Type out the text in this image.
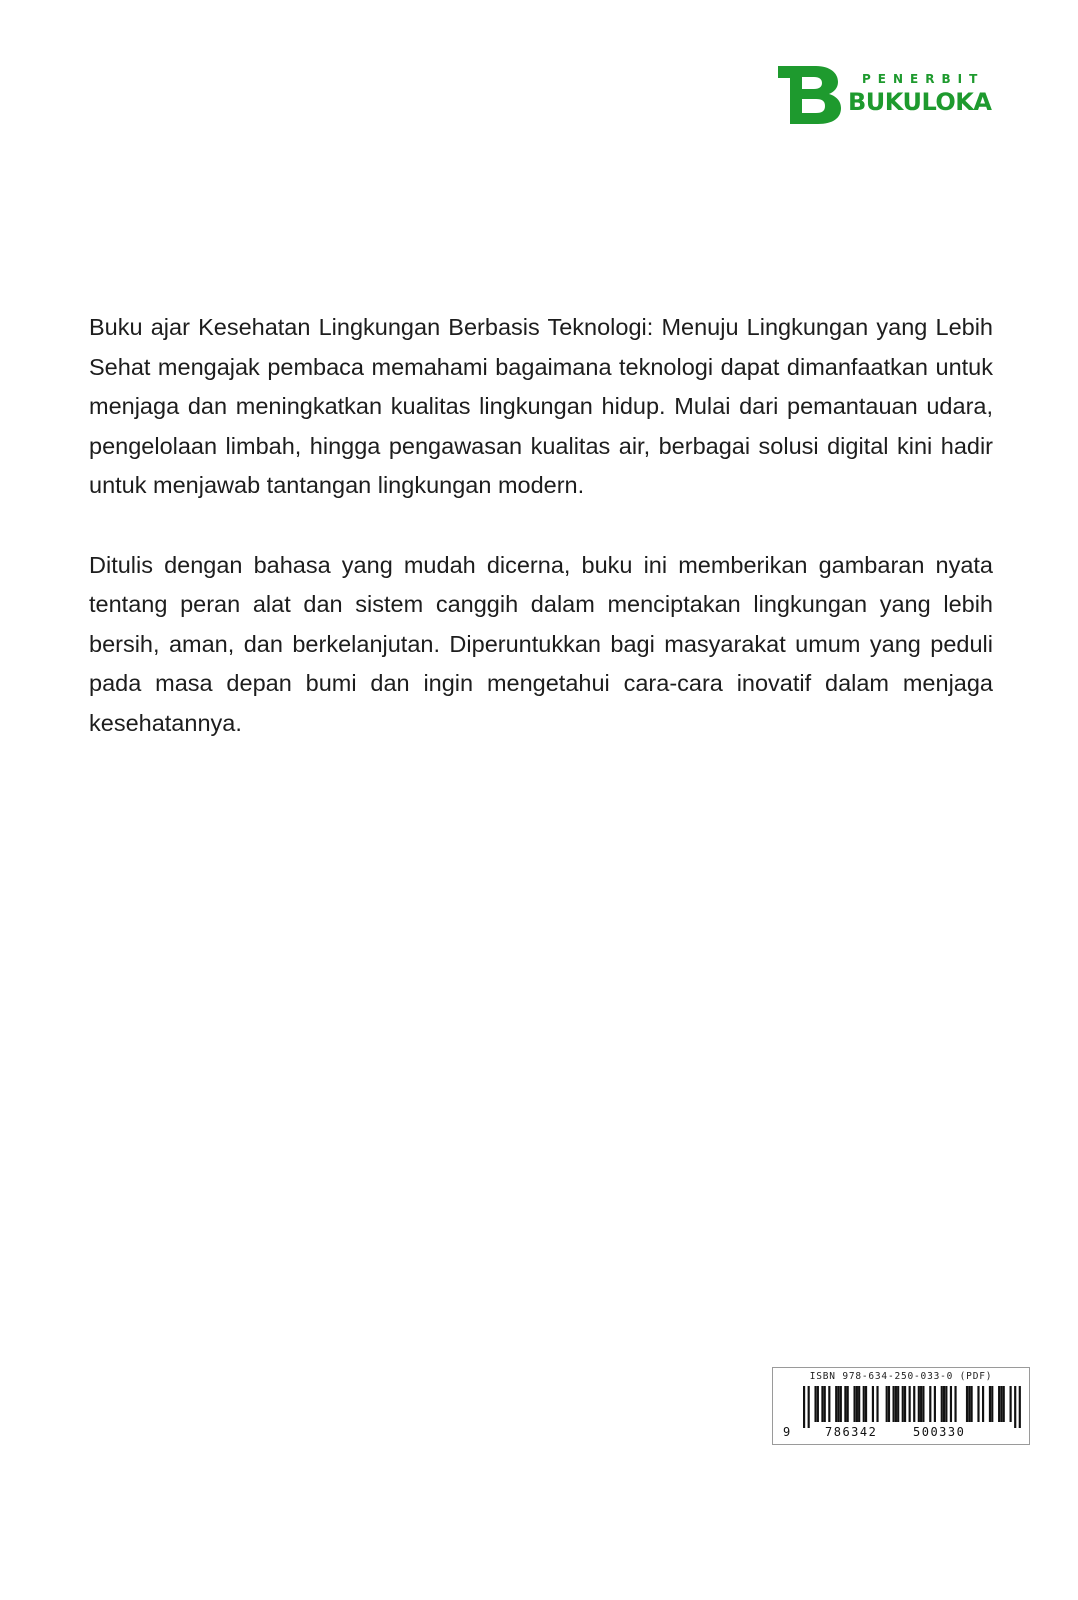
PENERBIT
BUKULOKA

Buku ajar Kesehatan Lingkungan Berbasis Teknologi: Menuju Lingkungan yang Lebih Sehat mengajak pembaca memahami bagaimana teknologi dapat dimanfaatkan untuk menjaga dan meningkatkan kualitas lingkungan hidup. Mulai dari pemantauan udara, pengelolaan limbah, hingga pengawasan kualitas air, berbagai solusi digital kini hadir untuk menjawab tantangan lingkungan modern.

Ditulis dengan bahasa yang mudah dicerna, buku ini memberikan gambaran nyata tentang peran alat dan sistem canggih dalam menciptakan lingkungan yang lebih bersih, aman, dan berkelanjutan. Diperuntukkan bagi masyarakat umum yang peduli pada masa depan bumi dan ingin mengetahui cara-cara inovatif dalam menjaga kesehatannya.

ISBN 978-634-250-033-0 (PDF)
9	786342	500330
